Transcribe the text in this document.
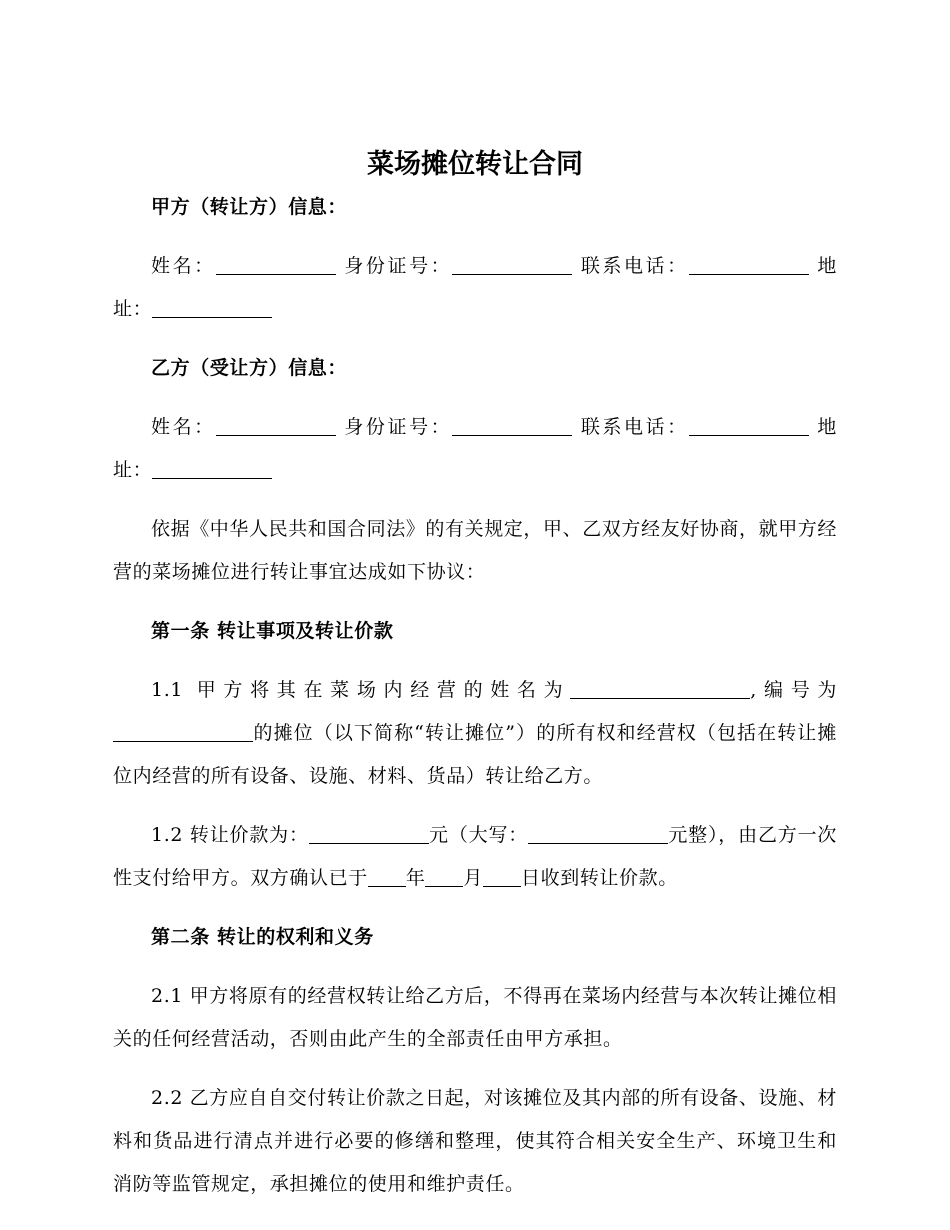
菜场摊位转让合同

甲方（转让方）信息：

姓名：	身份证号：	联系电话：	地址：

乙方（受让方）信息：

姓名：	身份证号：	联系电话：	地址：

依据《中华人民共和国合同法》的有关规定，甲、乙双方经友好协商，就甲方经营的菜场摊位进行转让事宜达成如下协议：

第一条 转让事项及转让价款

1.1 甲方将其在菜场内经营的姓名为	,编号为 的摊位（以下简称“转让摊位”）的所有权和经营权（包括在转让摊位内经营的所有设备、设施、材料、货品）转让给乙方。

1.2 转让价款为：	元（大写：	元整），由乙方一次性支付给甲方。双方确认已于 年 月 日收到转让价款。

第二条 转让的权利和义务

2.1 甲方将原有的经营权转让给乙方后，不得再在菜场内经营与本次转让摊位相关的任何经营活动，否则由此产生的全部责任由甲方承担。

2.2 乙方应自自交付转让价款之日起，对该摊位及其内部的所有设备、设施、材料和货品进行清点并进行必要的修缮和整理，使其符合相关安全生产、环境卫生和消防等监管规定，承担摊位的使用和维护责任。
